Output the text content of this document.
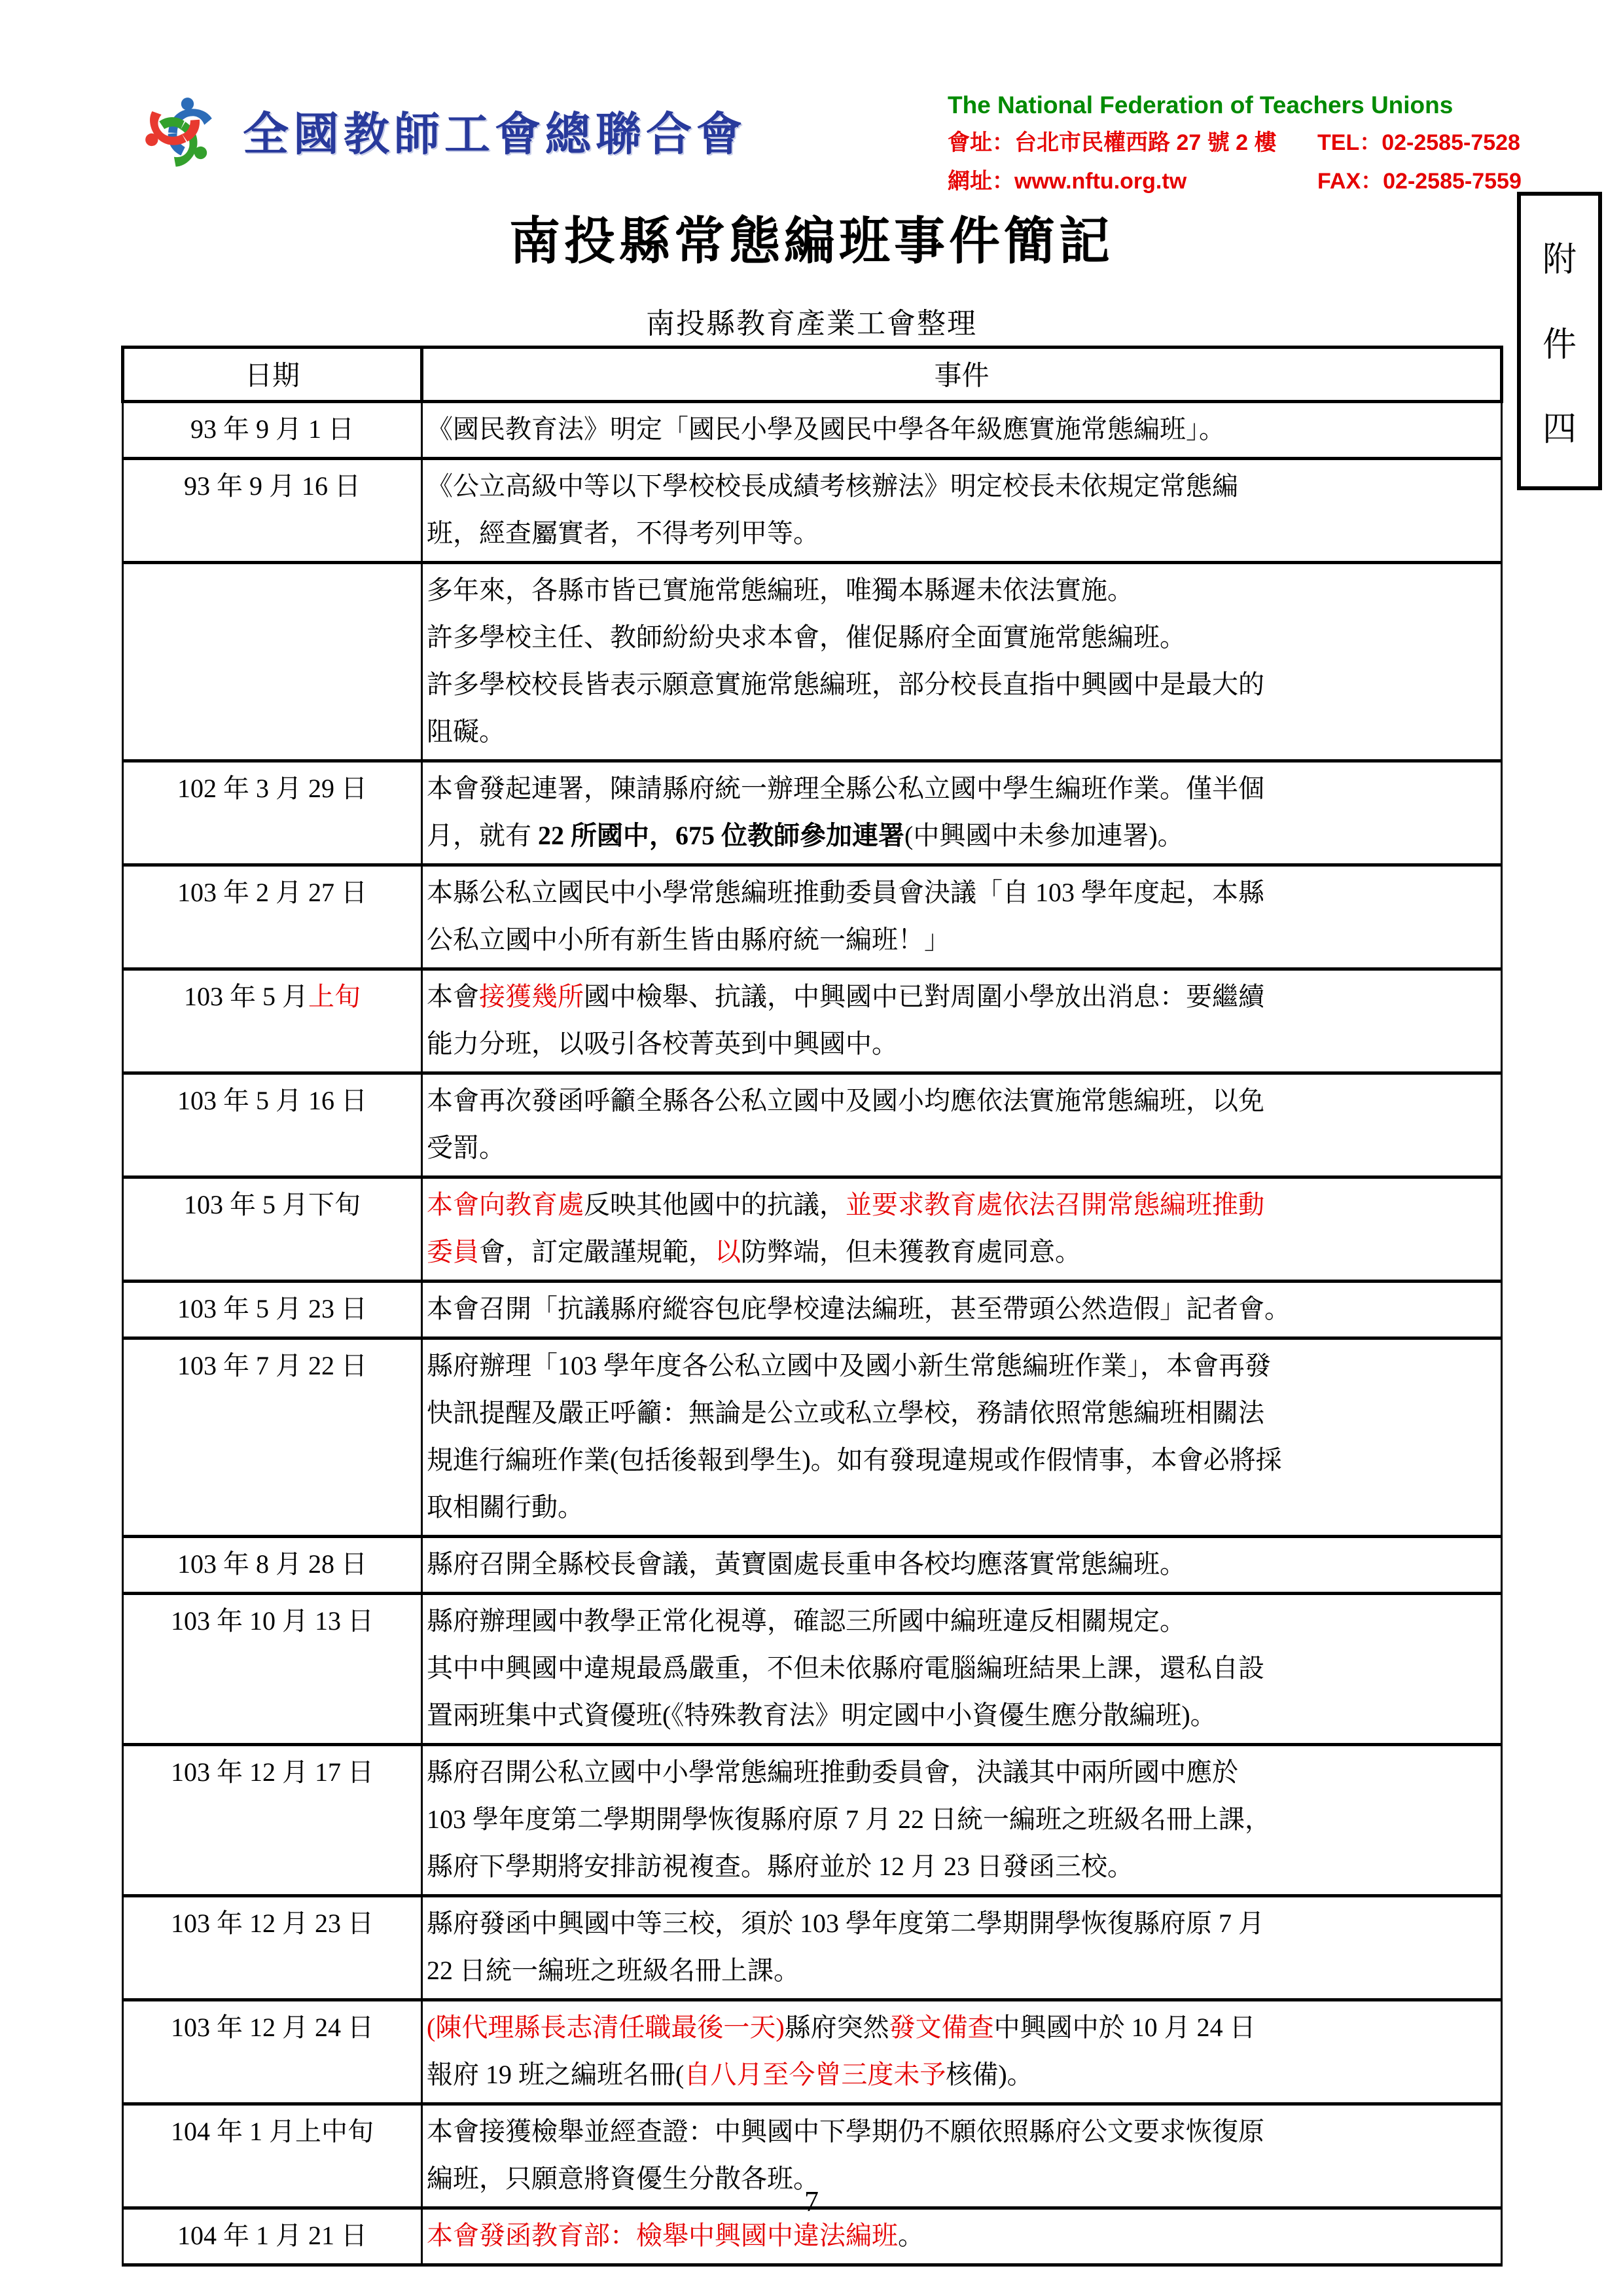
全國教師工會總聯合會
The National Federation of Teachers Unions
會址：台北市民權西路 27 號 2 樓	TEL：02-2585-7528
網址：www.nftu.org.tw	FAX：02-2585-7559
附
件
四
南投縣常態編班事件簡記
南投縣教育產業工會整理
日期	事件
93 年 9 月 1 日	《國民教育法》明定「國民小學及國民中學各年級應實施常態編班」。

93 年 9 月 16 日	《公立高級中等以下學校校長成績考核辦法》明定校長未依規定常態編
班，經查屬實者，不得考列甲等。

	多年來，各縣市皆已實施常態編班，唯獨本縣遲未依法實施。
許多學校主任、教師紛紛央求本會，催促縣府全面實施常態編班。
許多學校校長皆表示願意實施常態編班，部分校長直指中興國中是最大的
阻礙。

102 年 3 月 29 日	本會發起連署，陳請縣府統一辦理全縣公私立國中學生編班作業。僅半個
月，就有 22 所國中，675 位教師參加連署(中興國中未參加連署)。

103 年 2 月 27 日	本縣公私立國民中小學常態編班推動委員會決議「自 103 學年度起，本縣
公私立國中小所有新生皆由縣府統一編班！」

103 年 5 月上旬	本會接獲幾所國中檢舉、抗議，中興國中已對周圍小學放出消息：要繼續
能力分班，以吸引各校菁英到中興國中。

103 年 5 月 16 日	本會再次發函呼籲全縣各公私立國中及國小均應依法實施常態編班，以免
受罰。

103 年 5 月下旬	本會向教育處反映其他國中的抗議，並要求教育處依法召開常態編班推動
委員會，訂定嚴謹規範，以防弊端，但未獲教育處同意。

103 年 5 月 23 日	本會召開「抗議縣府縱容包庇學校違法編班，甚至帶頭公然造假」記者會。

103 年 7 月 22 日	縣府辦理「103 學年度各公私立國中及國小新生常態編班作業」，本會再發
快訊提醒及嚴正呼籲：無論是公立或私立學校，務請依照常態編班相關法
規進行編班作業(包括後報到學生)。如有發現違規或作假情事，本會必將採
取相關行動。

103 年 8 月 28 日	縣府召開全縣校長會議，黃寶園處長重申各校均應落實常態編班。

103 年 10 月 13 日	縣府辦理國中教學正常化視導，確認三所國中編班違反相關規定。
其中中興國中違規最爲嚴重，不但未依縣府電腦編班結果上課，還私自設
置兩班集中式資優班(《特殊教育法》明定國中小資優生應分散編班)。

103 年 12 月 17 日	縣府召開公私立國中小學常態編班推動委員會，決議其中兩所國中應於
103 學年度第二學期開學恢復縣府原 7 月 22 日統一編班之班級名冊上課，
縣府下學期將安排訪視複查。縣府並於 12 月 23 日發函三校。

103 年 12 月 23 日	縣府發函中興國中等三校，須於 103 學年度第二學期開學恢復縣府原 7 月
22 日統一編班之班級名冊上課。

103 年 12 月 24 日	(陳代理縣長志清任職最後一天)縣府突然發文備查中興國中於 10 月 24 日
報府 19 班之編班名冊(自八月至今曾三度未予核備)。

104 年 1 月上中旬	本會接獲檢舉並經查證：中興國中下學期仍不願依照縣府公文要求恢復原
編班，只願意將資優生分散各班。

104 年 1 月 21 日	本會發函教育部：檢舉中興國中違法編班。
7
